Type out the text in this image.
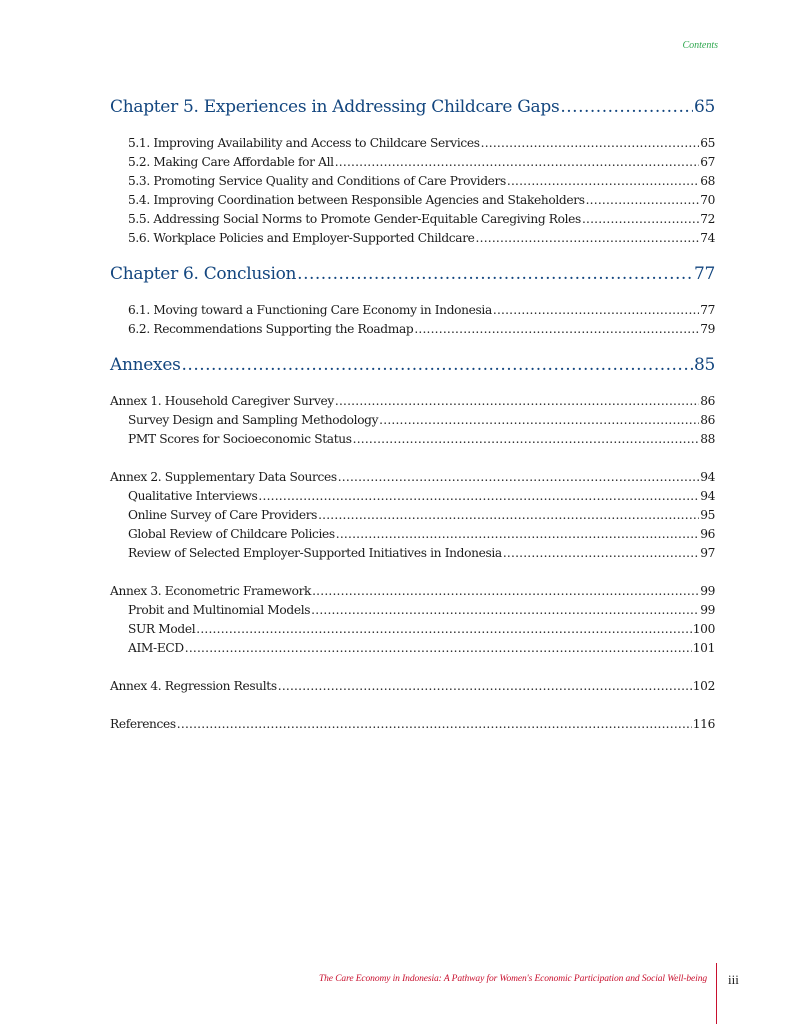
Contents
Chapter 5. Experiences in Addressing Childcare Gaps .....	65
5.1. Improving Availability and Access to Childcare Services .....	65
5.2. Making Care Affordable for All .....	67
5.3. Promoting Service Quality and Conditions of Care Providers .....	68
5.4. Improving Coordination between Responsible Agencies and Stakeholders .....	70
5.5. Addressing Social Norms to Promote Gender-Equitable Caregiving Roles .....	72
5.6. Workplace Policies and Employer-Supported Childcare .....	74
Chapter 6. Conclusion .....	77
6.1. Moving toward a Functioning Care Economy in Indonesia .....	77
6.2. Recommendations Supporting the Roadmap .....	79
Annexes .....	85
Annex 1. Household Caregiver Survey .....	86
Survey Design and Sampling Methodology .....	86
PMT Scores for Socioeconomic Status .....	88
Annex 2. Supplementary Data Sources .....	94
Qualitative Interviews .....	94
Online Survey of Care Providers .....	95
Global Review of Childcare Policies .....	96
Review of Selected Employer-Supported Initiatives in Indonesia .....	97
Annex 3. Econometric Framework .....	99
Probit and Multinomial Models .....	99
SUR Model .....	100
AIM-ECD .....	101
Annex 4. Regression Results .....	102
References .....	116
The Care Economy in Indonesia: A Pathway for Women's Economic Participation and Social Well-being iii
